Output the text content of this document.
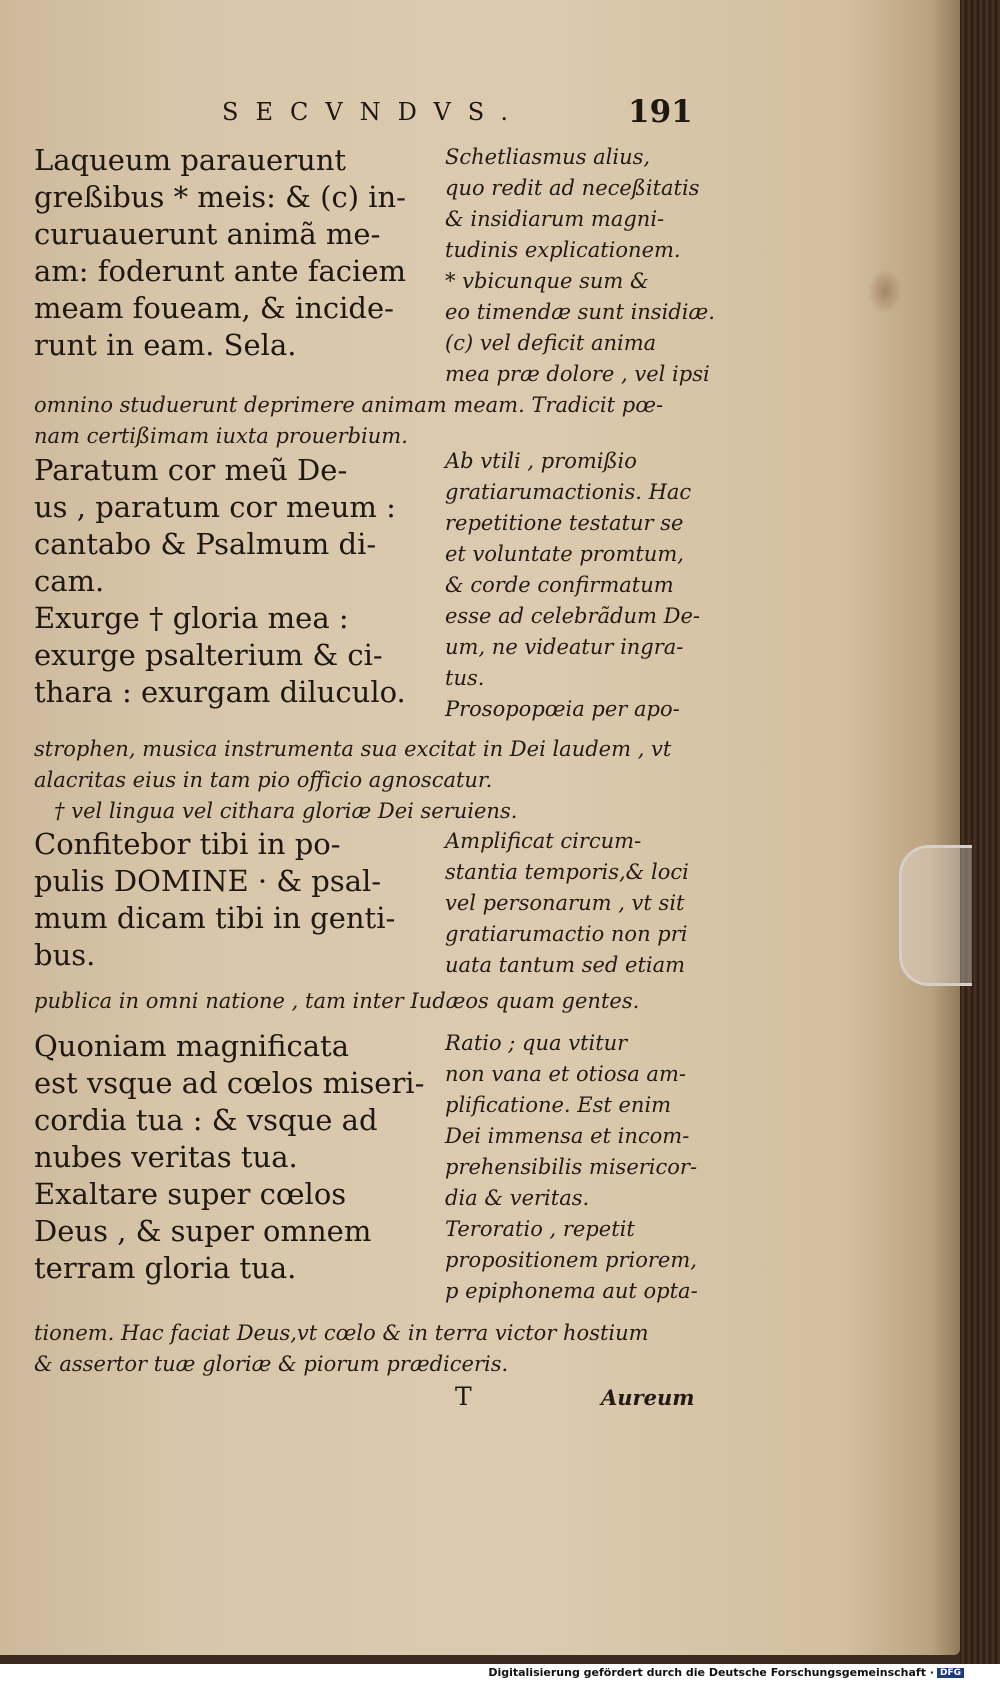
SECVNDVS.	191
Laqueum parauerunt
greßibus * meis: & (c) in-
curuauerunt animã me-
am: foderunt ante faciem
meam foueam, & incide-
runt in eam. Sela.
Schetliasmus alius,
quo redit ad neceßitatis
& insidiarum magni-
tudinis explicationem.
* vbicunque sum &
eo timendæ sunt insidiæ.
(c) vel deficit anima
mea præ dolore , vel ipsi
omnino studuerunt deprimere animam meam. Tradicit pœ-
nam certißimam iuxta prouerbium.
Paratum cor meũ De-
us , paratum cor meum :
cantabo & Psalmum di-
cam.
Exurge † gloria mea :
exurge psalterium & ci-
thara : exurgam diluculo.
Ab vtili , promißio
gratiarumactionis. Hac
repetitione testatur se
et voluntate promtum,
& corde confirmatum
esse ad celebrãdum De-
um, ne videatur ingra-
tus.
Prosopopœia per apo-
strophen, musica instrumenta sua excitat in Dei laudem , vt
alacritas eius in tam pio officio agnoscatur.
† vel lingua vel cithara gloriæ Dei seruiens.
Confitebor tibi in po-
pulis DOMINE · & psal-
mum dicam tibi in genti-
bus.
Amplificat circum-
stantia temporis,& loci
vel personarum , vt sit
gratiarumactio non pri
uata tantum sed etiam
publica in omni natione , tam inter Iudæos quam gentes.
Quoniam magnificata
est vsque ad cœlos miseri-
cordia tua : & vsque ad
nubes veritas tua.
Exaltare super cœlos
Deus , & super omnem
terram gloria tua.
Ratio ; qua vtitur
non vana et otiosa am-
plificatione. Est enim
Dei immensa et incom-
prehensibilis misericor-
dia & veritas.
Teroratio , repetit
propositionem priorem,
p epiphonema aut opta-
tionem. Hac faciat Deus,vt cœlo & in terra victor hostium
& assertor tuæ gloriæ & piorum prædiceris.
T	Aureum
Digitalisierung gefördert durch die Deutsche Forschungsgemeinschaft · DFG
